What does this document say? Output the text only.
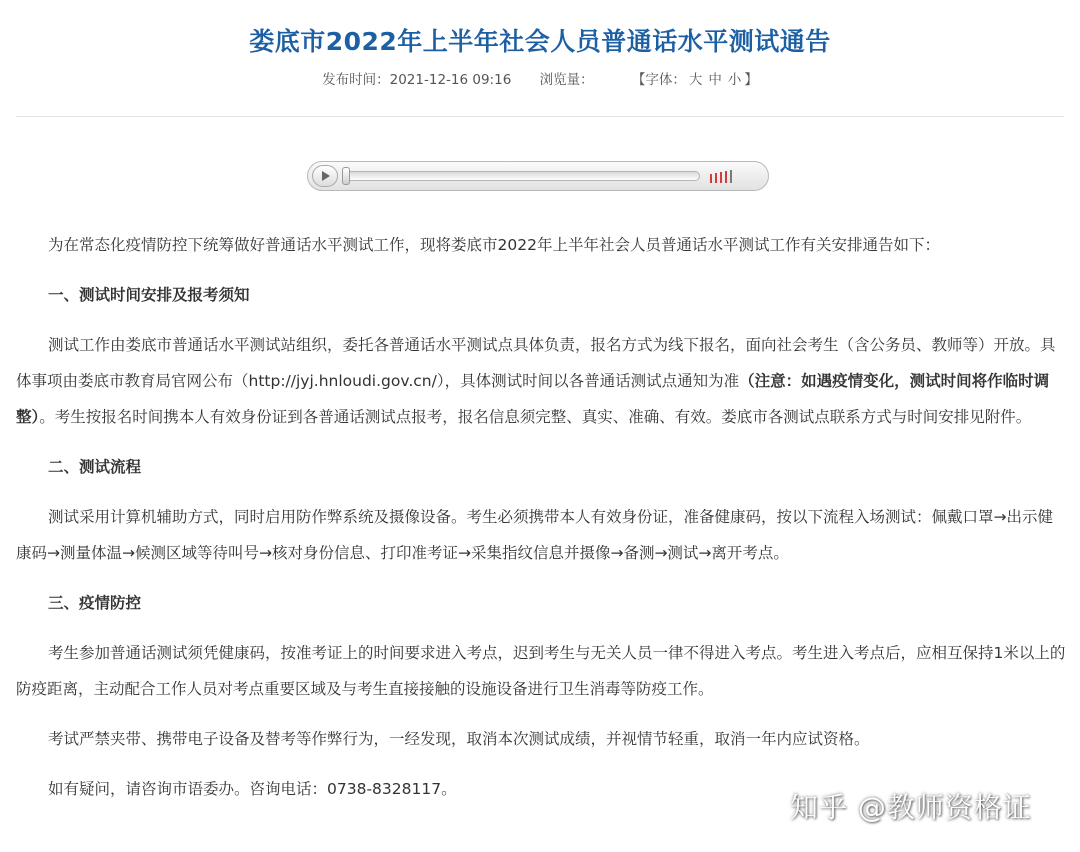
娄底市2022年上半年社会人员普通话水平测试通告
发布时间：2021-12-16 09:16 浏览量：	【字体： 大 中 小 】

为在常态化疫情防控下统筹做好普通话水平测试工作，现将娄底市2022年上半年社会人员普通话水平测试工作有关安排通告如下：

一、测试时间安排及报考须知

测试工作由娄底市普通话水平测试站组织，委托各普通话水平测试点具体负责，报名方式为线下报名，面向社会考生（含公务员、教师等）开放。具体事项由娄底市教育局官网公布（http://jyj.hnloudi.gov.cn/），具体测试时间以各普通话测试点通知为准（注意：如遇疫情变化，测试时间将作临时调整）。考生按报名时间携本人有效身份证到各普通话测试点报考，报名信息须完整、真实、准确、有效。娄底市各测试点联系方式与时间安排见附件。

二、测试流程

测试采用计算机辅助方式，同时启用防作弊系统及摄像设备。考生必须携带本人有效身份证，准备健康码，按以下流程入场测试：佩戴口罩→出示健康码→测量体温→候测区域等待叫号→核对身份信息、打印准考证→采集指纹信息并摄像→备测→测试→离开考点。

三、疫情防控

考生参加普通话测试须凭健康码，按准考证上的时间要求进入考点，迟到考生与无关人员一律不得进入考点。考生进入考点后，应相互保持1米以上的防疫距离，主动配合工作人员对考点重要区域及与考生直接接触的设施设备进行卫生消毒等防疫工作。

考试严禁夹带、携带电子设备及替考等作弊行为，一经发现，取消本次测试成绩，并视情节轻重，取消一年内应试资格。

如有疑问，请咨询市语委办。咨询电话：0738-8328117。

知乎 @教师资格证
